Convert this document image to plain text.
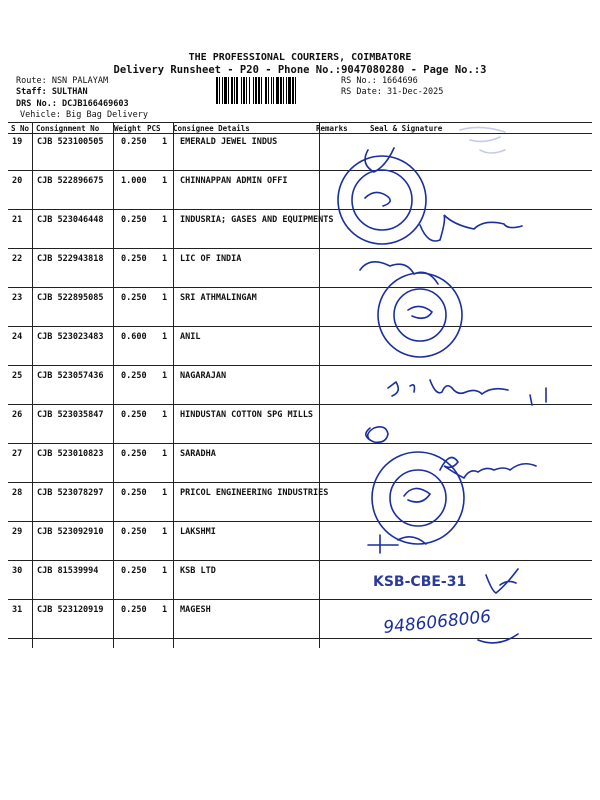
THE PROFESSIONAL COURIERS, COIMBATORE
Delivery Runsheet - P20 - Phone No.:9047080280 - Page No.:3
Route: NSN PALAYAM
Staff: SULTHAN
DRS No.: DCJB166469603
Vehicle: Big Bag Delivery
RS No.: 1664696
RS Date: 31-Dec-2025
S No Consignment No Weight PCS Consignee Details	Remarks	Seal & Signature
19 CJB 523100505 0.250 1 EMERALD JEWEL INDUS
20 CJB 522896675 1.000 1 CHINNAPPAN ADMIN OFFI
21 CJB 523046448 0.250 1 INDUSRIA; GASES AND EQUIPMENTS
22 CJB 522943818 0.250 1 LIC OF INDIA
23 CJB 522895085 0.250 1 SRI ATHMALINGAM
24 CJB 523023483 0.600 1 ANIL
25 CJB 523057436 0.250 1 NAGARAJAN
26 CJB 523035847 0.250 1 HINDUSTAN COTTON SPG MILLS
27 CJB 523010823 0.250 1 SARADHA
28 CJB 523078297 0.250 1 PRICOL ENGINEERING INDUSTRIES
29 CJB 523092910 0.250 1 LAKSHMI
30 CJB 81539994	0.250 1 KSB LTD
31 CJB 523120919 0.250 1 MAGESH
KSB-CBE-31
9486068006
